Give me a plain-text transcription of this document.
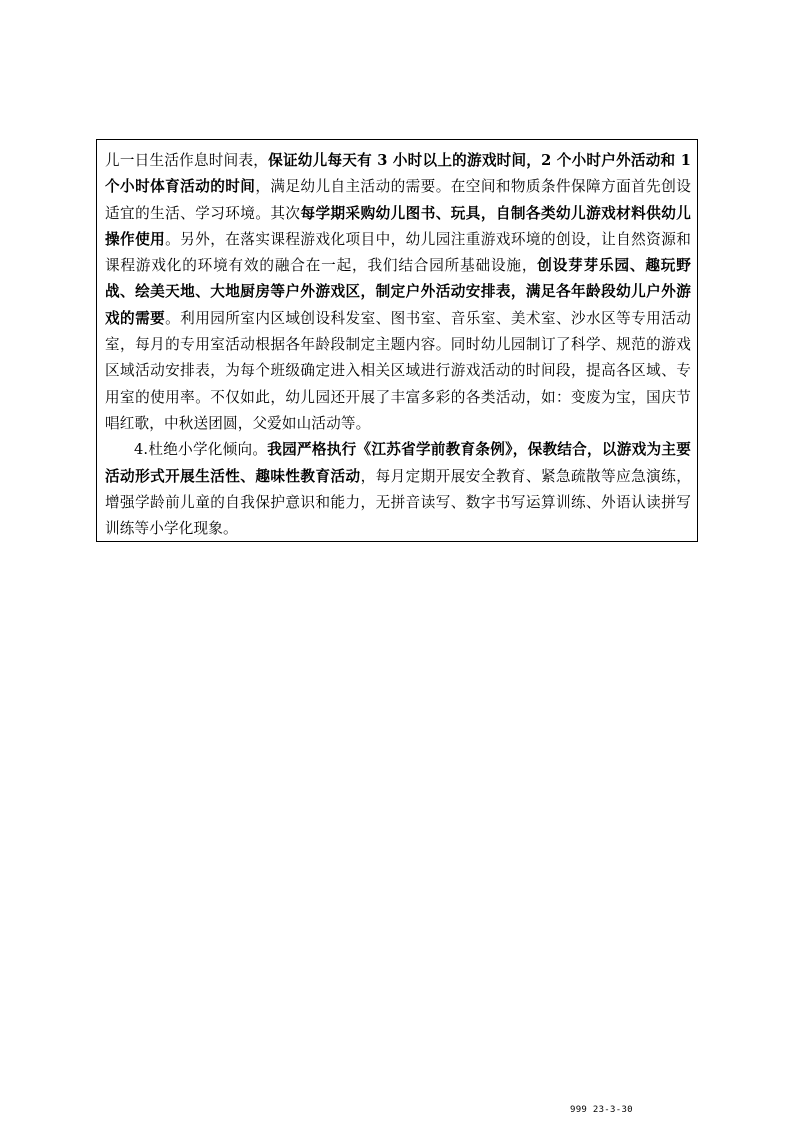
儿一日生活作息时间表，保证幼儿每天有 3 小时以上的游戏时间，2 个小时户外活动和 1 个小时体育活动的时间，满足幼儿自主活动的需要。在空间和物质条件保障方面首先创设适宜的生活、学习环境。其次每学期采购幼儿图书、玩具，自制各类幼儿游戏材料供幼儿操作使用。另外，在落实课程游戏化项目中，幼儿园注重游戏环境的创设，让自然资源和课程游戏化的环境有效的融合在一起，我们结合园所基础设施，创设芽芽乐园、趣玩野战、绘美天地、大地厨房等户外游戏区，制定户外活动安排表，满足各年龄段幼儿户外游戏的需要。利用园所室内区域创设科发室、图书室、音乐室、美术室、沙水区等专用活动室，每月的专用室活动根据各年龄段制定主题内容。同时幼儿园制订了科学、规范的游戏区域活动安排表，为每个班级确定进入相关区域进行游戏活动的时间段，提高各区域、专用室的使用率。不仅如此，幼儿园还开展了丰富多彩的各类活动，如：变废为宝，国庆节唱红歌，中秋送团圆，父爱如山活动等。

4.杜绝小学化倾向。我园严格执行《江苏省学前教育条例》，保教结合，以游戏为主要活动形式开展生活性、趣味性教育活动，每月定期开展安全教育、紧急疏散等应急演练，增强学龄前儿童的自我保护意识和能力，无拼音读写、数字书写运算训练、外语认读拼写训练等小学化现象。

999 23-3-30
